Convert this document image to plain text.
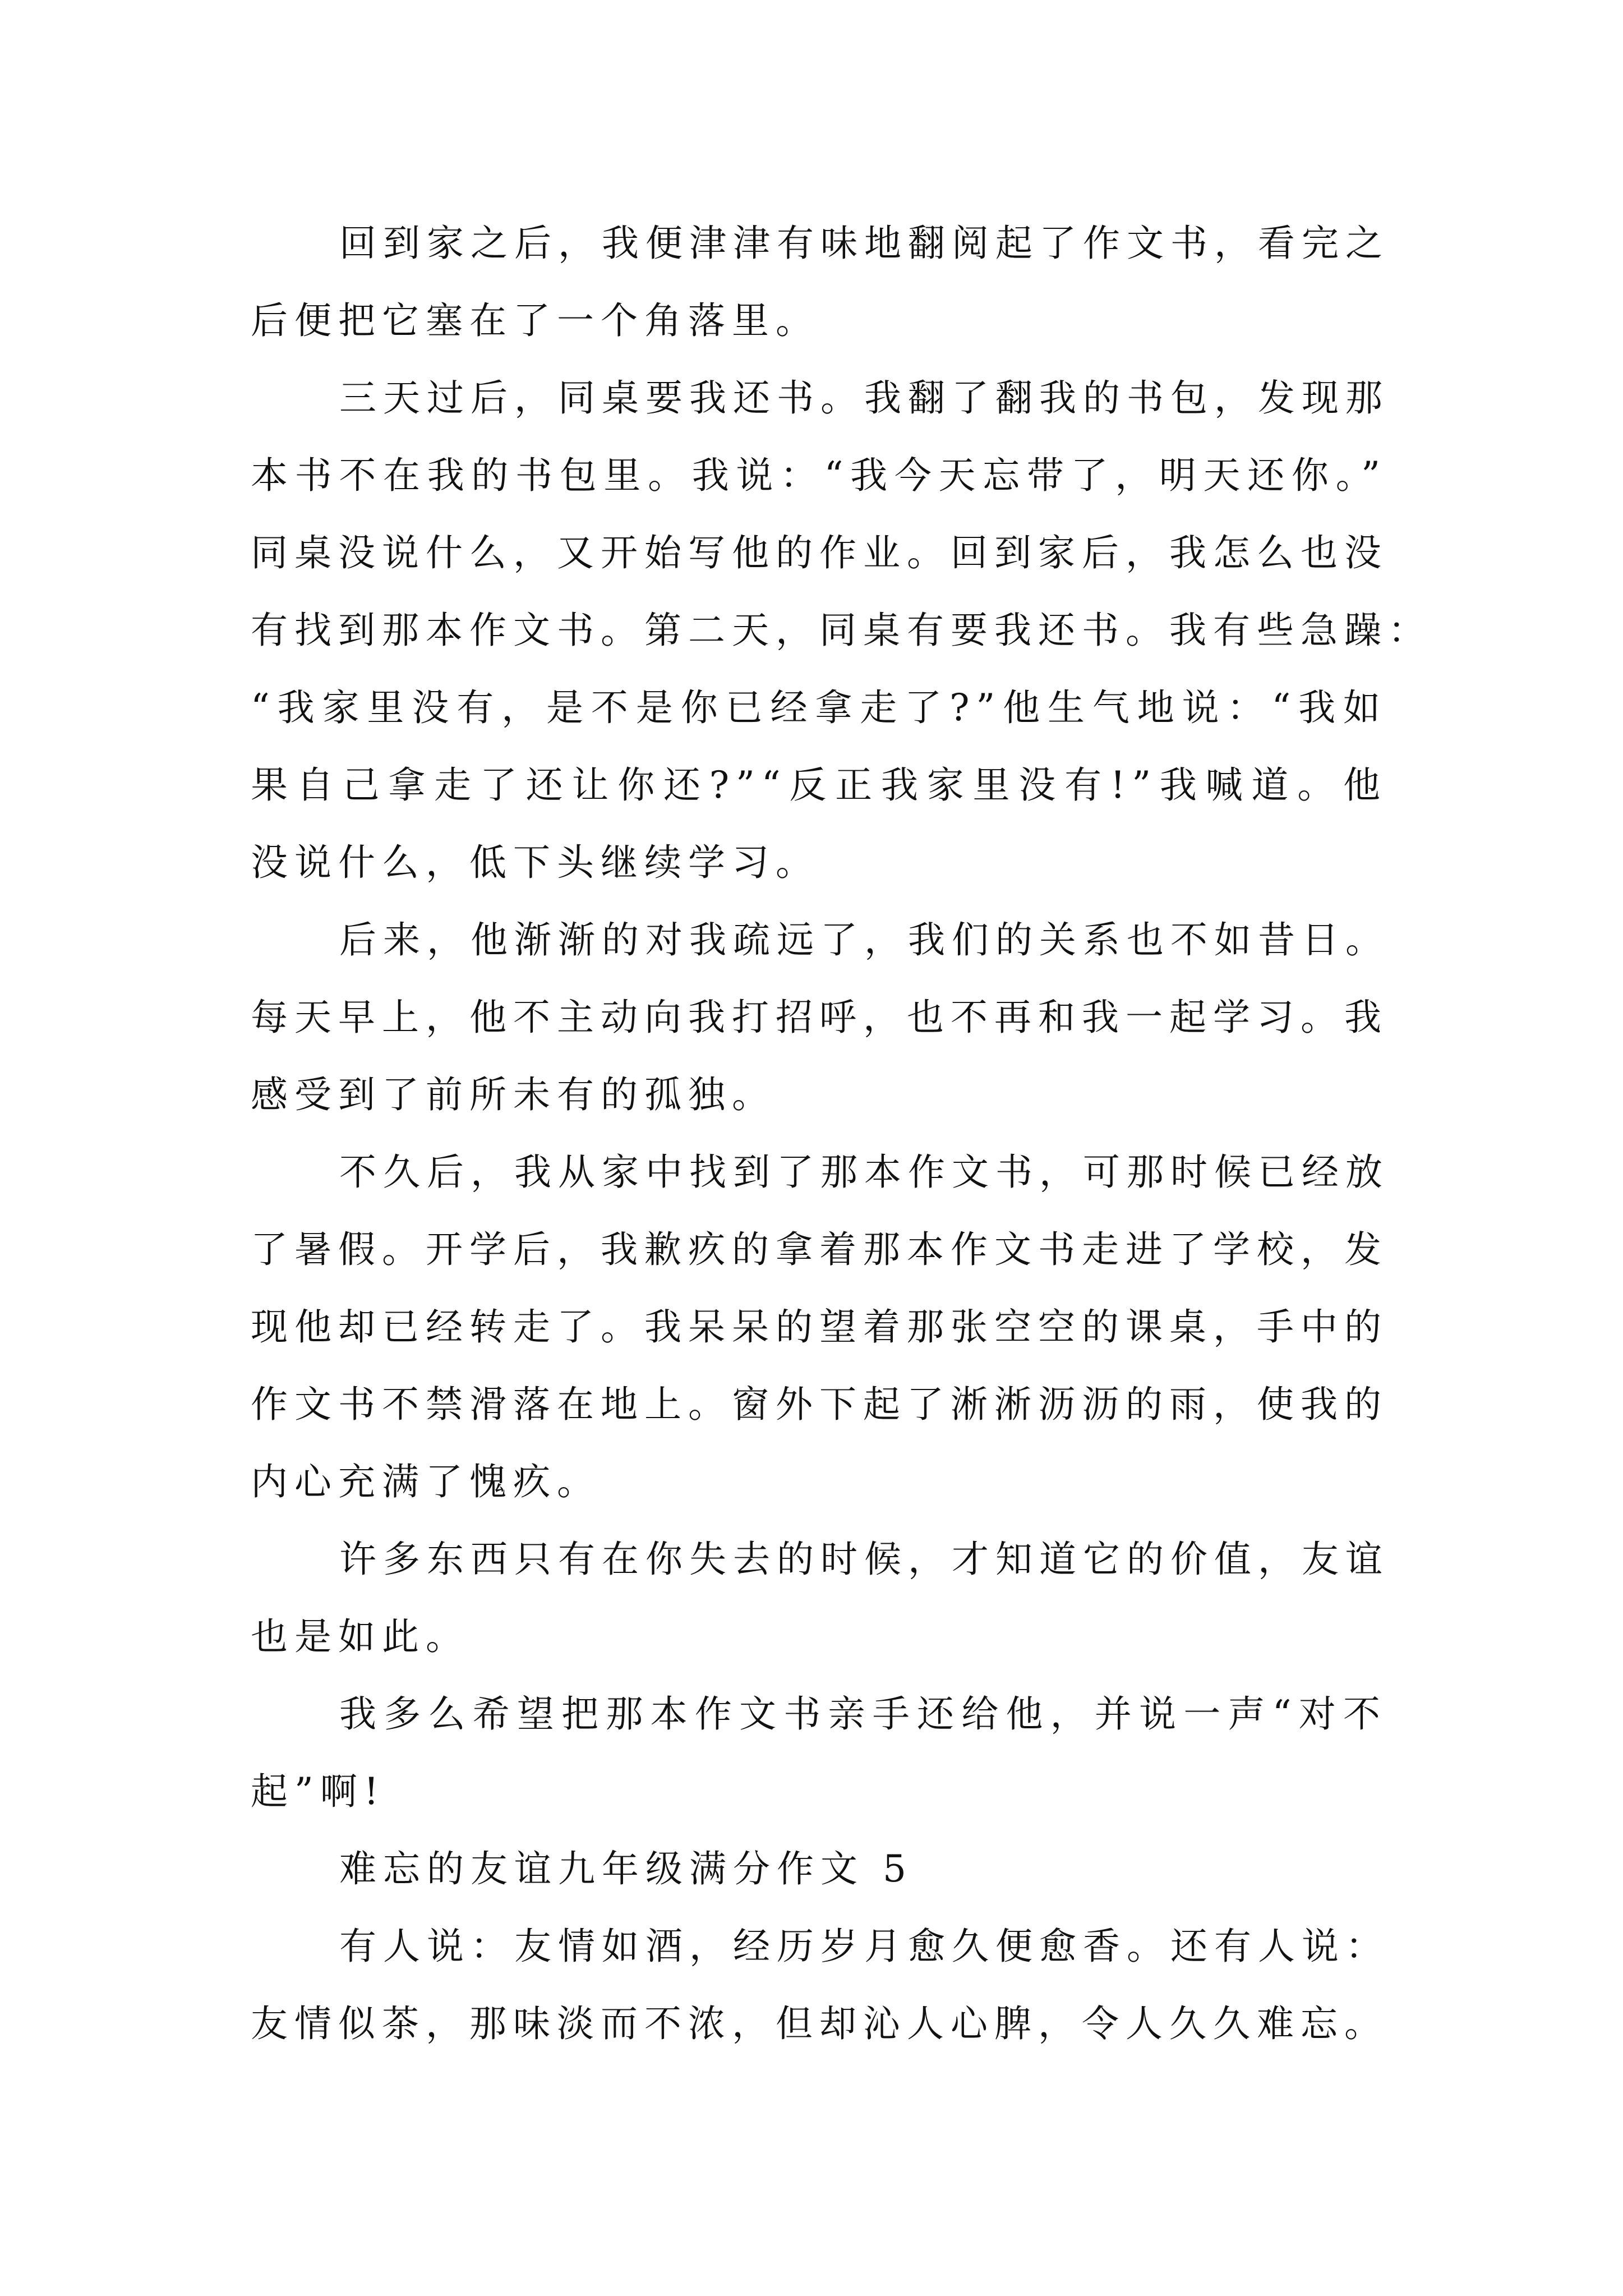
回到家之后，我便津津有味地翻阅起了作文书，看完之
后便把它塞在了一个角落里。
三天过后，同桌要我还书。我翻了翻我的书包，发现那
本书不在我的书包里。我说：“我今天忘带了，明天还你。”
同桌没说什么，又开始写他的作业。回到家后，我怎么也没
有找到那本作文书。第二天，同桌有要我还书。我有些急躁：
“我家里没有，是不是你已经拿走了?”他生气地说：“我如
果自己拿走了还让你还?”“反正我家里没有!”我喊道。他
没说什么，低下头继续学习。
后来，他渐渐的对我疏远了，我们的关系也不如昔日。
每天早上，他不主动向我打招呼，也不再和我一起学习。我
感受到了前所未有的孤独。
不久后，我从家中找到了那本作文书，可那时候已经放
了暑假。开学后，我歉疚的拿着那本作文书走进了学校，发
现他却已经转走了。我呆呆的望着那张空空的课桌，手中的
作文书不禁滑落在地上。窗外下起了淅淅沥沥的雨，使我的
内心充满了愧疚。
许多东西只有在你失去的时候，才知道它的价值，友谊
也是如此。
我多么希望把那本作文书亲手还给他，并说一声“对不
起”啊!
难忘的友谊九年级满分作文 5
有人说：友情如酒，经历岁月愈久便愈香。还有人说：
友情似茶，那味淡而不浓，但却沁人心脾，令人久久难忘。
